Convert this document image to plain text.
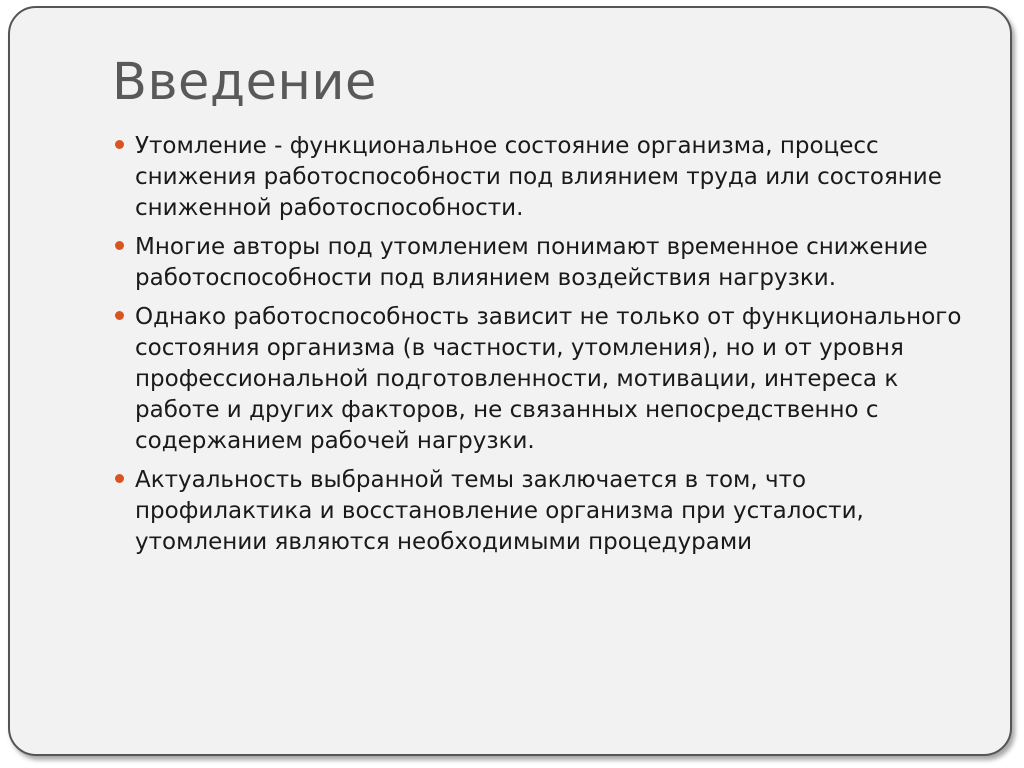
Введение
Утомление - функциональное состояние организма, процесс снижения работоспособности под влиянием труда или состояние сниженной работоспособности.
Многие авторы под утомлением понимают временное снижение работоспособности под влиянием воздействия нагрузки.
Однако работоспособность зависит не только от функционального состояния организма (в частности, утомления), но и от уровня профессиональной подготовленности, мотивации, интереса к работе и других факторов, не связанных непосредственно с содержанием рабочей нагрузки.
Актуальность выбранной темы заключается в том, что профилактика и восстановление организма при усталости, утомлении являются необходимыми процедурами
